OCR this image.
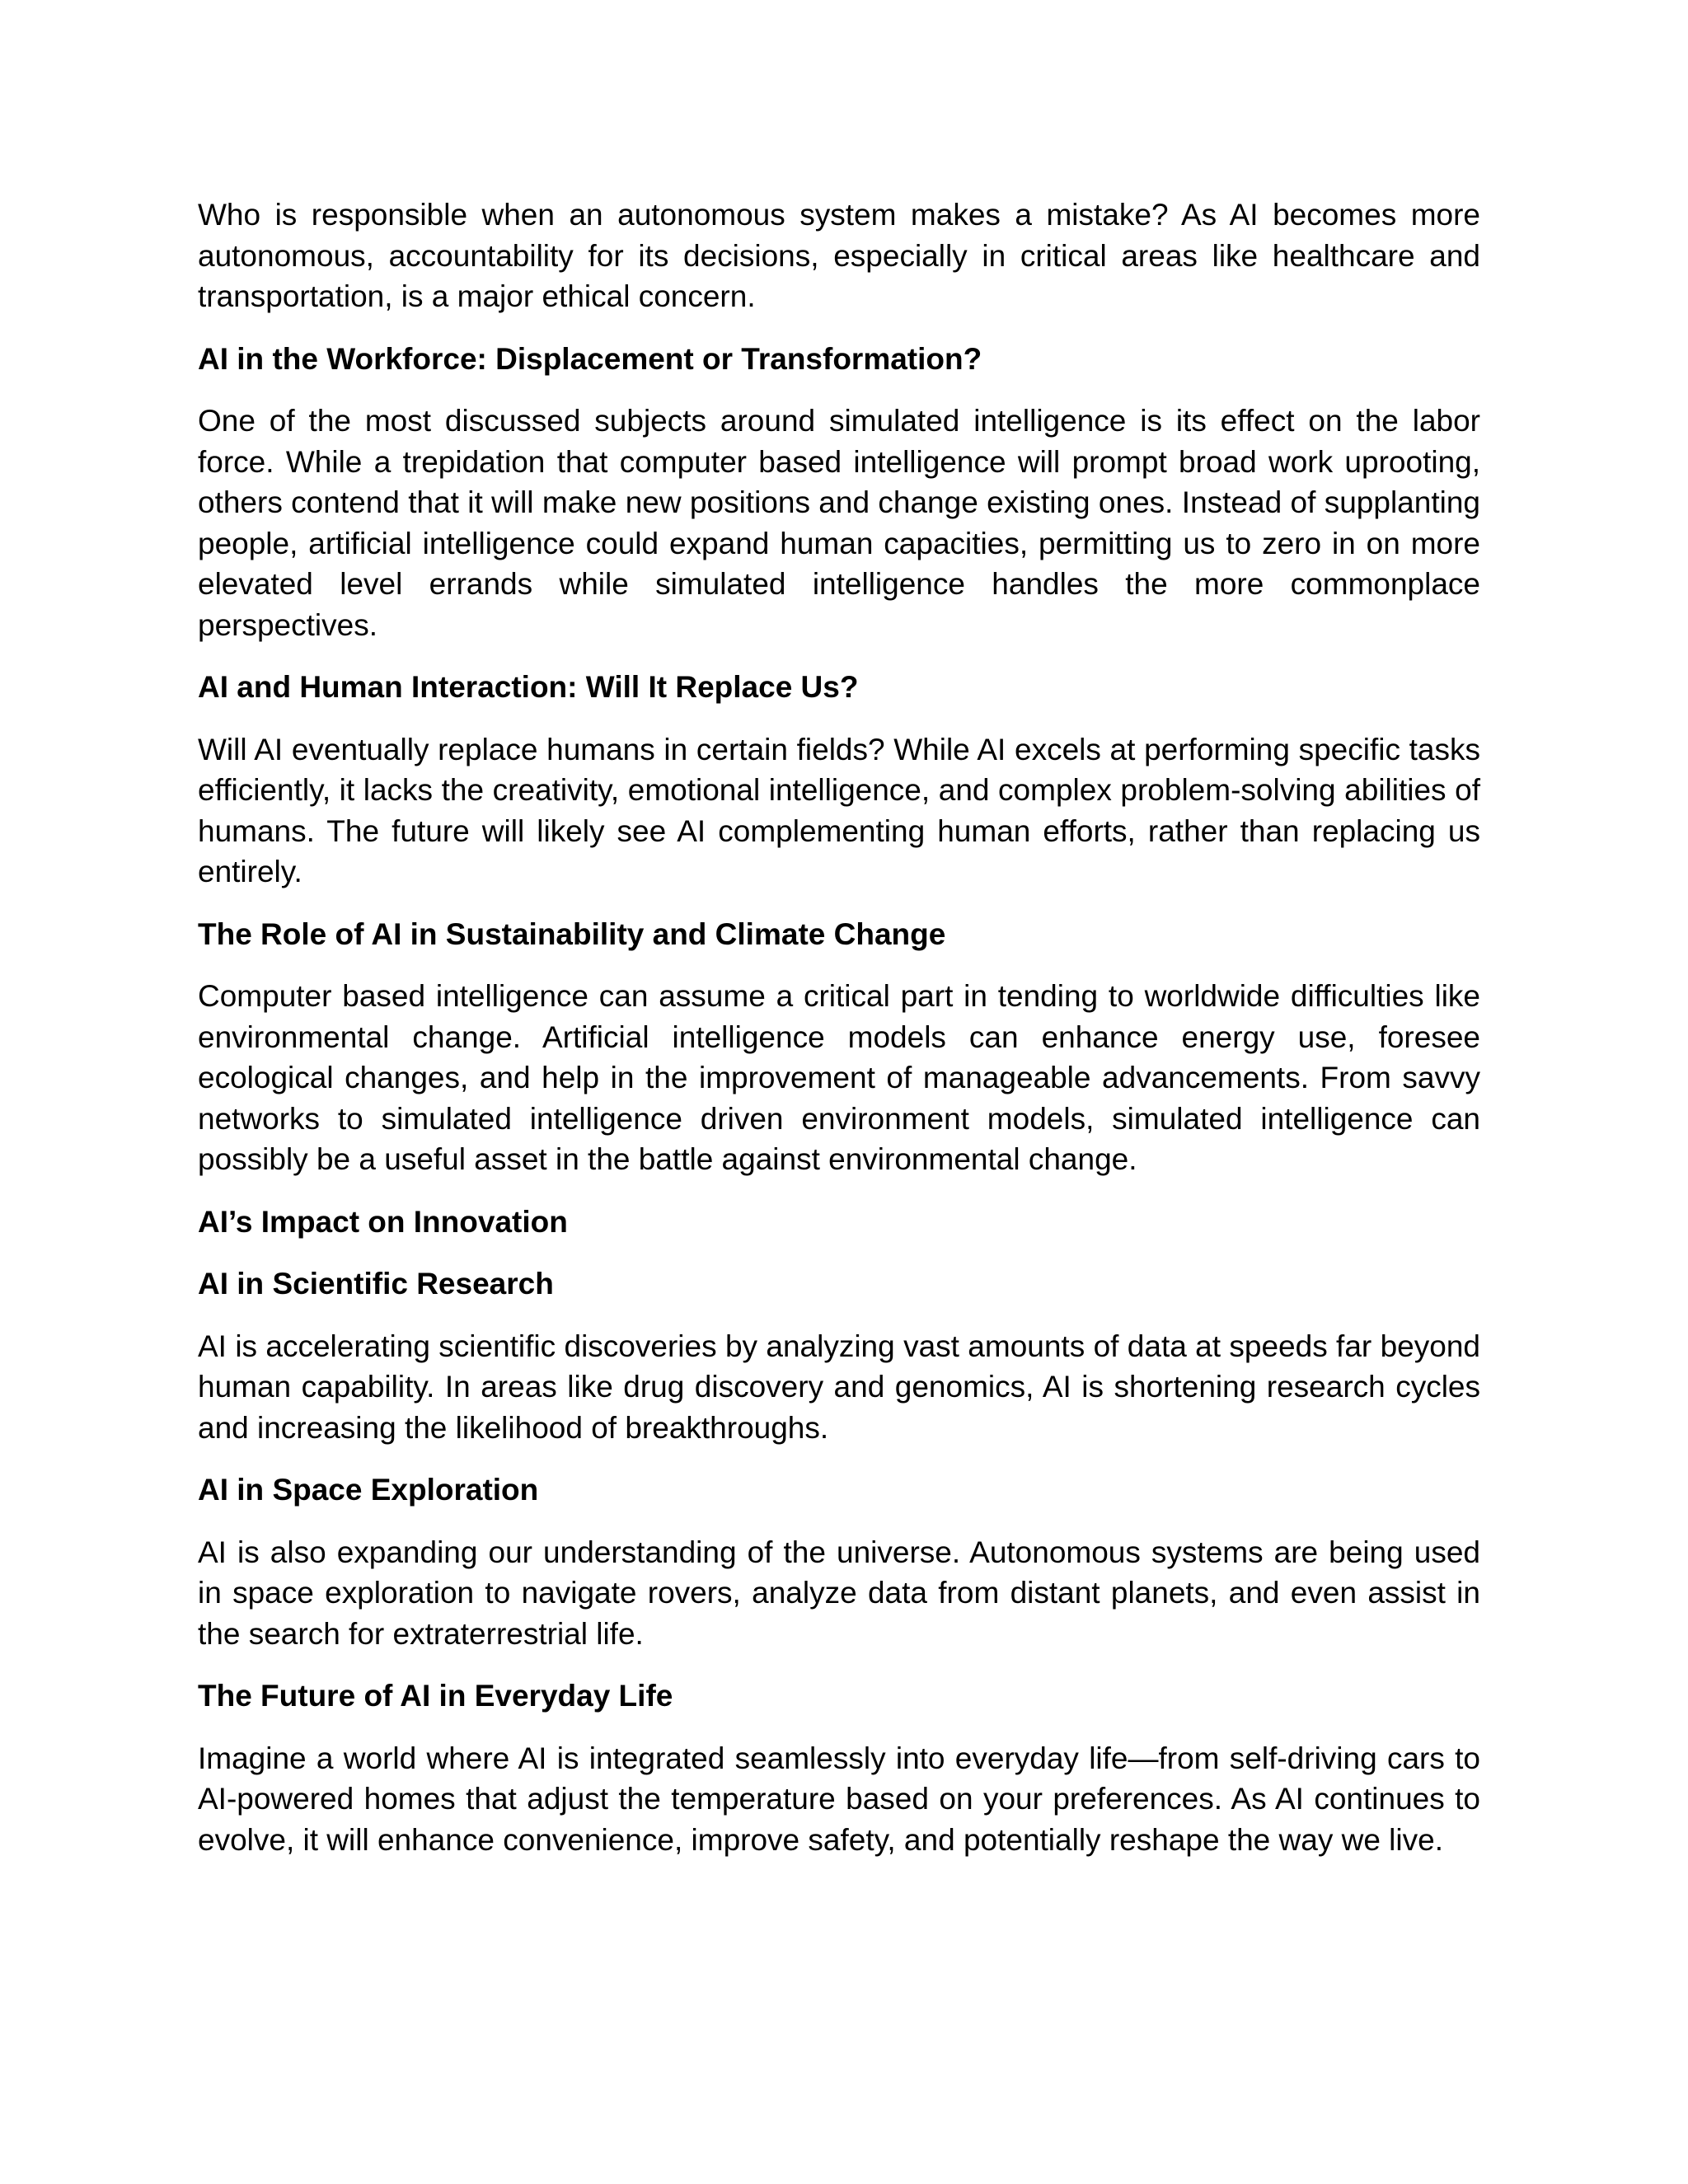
Who is responsible when an autonomous system makes a mistake? As AI becomes more autonomous, accountability for its decisions, especially in critical areas like healthcare and transportation, is a major ethical concern.

AI in the Workforce: Displacement or Transformation?

One of the most discussed subjects around simulated intelligence is its effect on the labor force. While a trepidation that computer based intelligence will prompt broad work uprooting, others contend that it will make new positions and change existing ones. Instead of supplanting people, artificial intelligence could expand human capacities, permitting us to zero in on more elevated level errands while simulated intelligence handles the more commonplace perspectives.

AI and Human Interaction: Will It Replace Us?

Will AI eventually replace humans in certain fields? While AI excels at performing specific tasks efficiently, it lacks the creativity, emotional intelligence, and complex problem-solving abilities of humans. The future will likely see AI complementing human efforts, rather than replacing us entirely.

The Role of AI in Sustainability and Climate Change

Computer based intelligence can assume a critical part in tending to worldwide difficulties like environmental change. Artificial intelligence models can enhance energy use, foresee ecological changes, and help in the improvement of manageable advancements. From savvy networks to simulated intelligence driven environment models, simulated intelligence can possibly be a useful asset in the battle against environmental change.

AI’s Impact on Innovation
AI in Scientific Research

AI is accelerating scientific discoveries by analyzing vast amounts of data at speeds far beyond human capability. In areas like drug discovery and genomics, AI is shortening research cycles and increasing the likelihood of breakthroughs.

AI in Space Exploration

AI is also expanding our understanding of the universe. Autonomous systems are being used in space exploration to navigate rovers, analyze data from distant planets, and even assist in the search for extraterrestrial life.

The Future of AI in Everyday Life

Imagine a world where AI is integrated seamlessly into everyday life—from self-driving cars to AI-powered homes that adjust the temperature based on your preferences. As AI continues to evolve, it will enhance convenience, improve safety, and potentially reshape the way we live.
